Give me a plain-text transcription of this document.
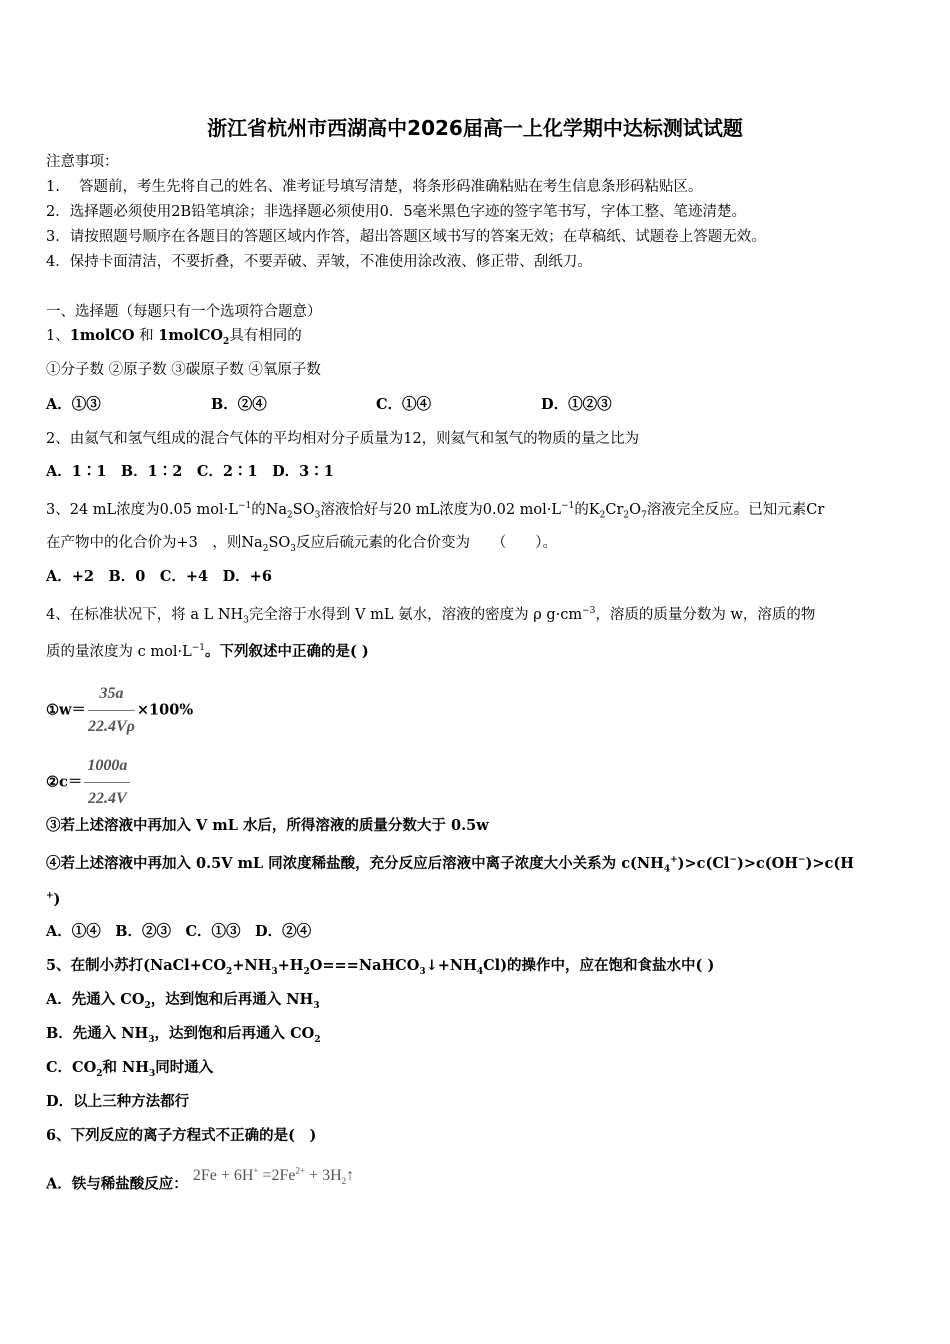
浙江省杭州市西湖高中2026届高一上化学期中达标测试试题
注意事项：
1.　 答题前，考生先将自己的姓名、准考证号填写清楚，将条形码准确粘贴在考生信息条形码粘贴区。
2．选择题必须使用2B铅笔填涂；非选择题必须使用0．5毫米黑色字迹的签字笔书写，字体工整、笔迹清楚。
3．请按照题号顺序在各题目的答题区域内作答，超出答题区域书写的答案无效；在草稿纸、试题卷上答题无效。
4．保持卡面清洁，不要折叠，不要弄破、弄皱，不准使用涂改液、修正带、刮纸刀。
一、选择题（每题只有一个选项符合题意）
1、1molCO 和 1molCO$_2$具有相同的
①分子数 ②原子数 ③碳原子数 ④氧原子数
A．①③	B．②④	C．①④	D．①②③
2、由氦气和氢气组成的混合气体的平均相对分子质量为12，则氦气和氢气的物质的量之比为
A．1∶1　B．1∶2　C．2∶1　D．3∶1
3、24 mL浓度为0.05 $mol\cdot L^{-1}$的$Na_2SO_3$溶液恰好与20 mL浓度为0.02 $mol\cdot L^{-1}$的$K_2Cr_2O_7$溶液完全反应。已知元素Cr
在产物中的化合价为+3　，则$Na_2SO_3$反应后硫元素的化合价变为　　（　　）。
A．+2　B．0　C．+4　D．+6
4、在标准状况下，将 a L $NH_3$完全溶于水得到 V mL 氨水，溶液的密度为 ρ $g\cdot cm^{-3}$，溶质的质量分数为 w，溶质的物
质的量浓度为 c $mol\cdot L^{-1}$。下列叙述中正确的是( )
①w＝ $\frac{35a}{22.4V\rho} \times 100\%$
②c＝ $\frac{1000a}{22.4V}$
③若上述溶液中再加入 V mL 水后，所得溶液的质量分数大于 0.5w
④若上述溶液中再加入 0.5V mL 同浓度稀盐酸，充分反应后溶液中离子浓度大小关系为 $c(NH_4^+)>c(Cl^-)>c(OH^-)>c(H$
+)
A．①④　B．②③　C．①③　D．②④
5、在制小苏打$(NaCl+CO_2+NH_3+H_2O===NaHCO_3↓+NH_4Cl)$的操作中，应在饱和食盐水中( )
A．先通入 $CO_2$，达到饱和后再通入 $NH_3$
B．先通入 $NH_3$，达到饱和后再通入 $CO_2$
C．$CO_2$和 $NH_3$同时通入
D．以上三种方法都行
6、下列反应的离子方程式不正确的是(　)
A．铁与稀盐酸反应： $2Fe + 6H^+ =2Fe^{2+}$ + $3H_2↑$
